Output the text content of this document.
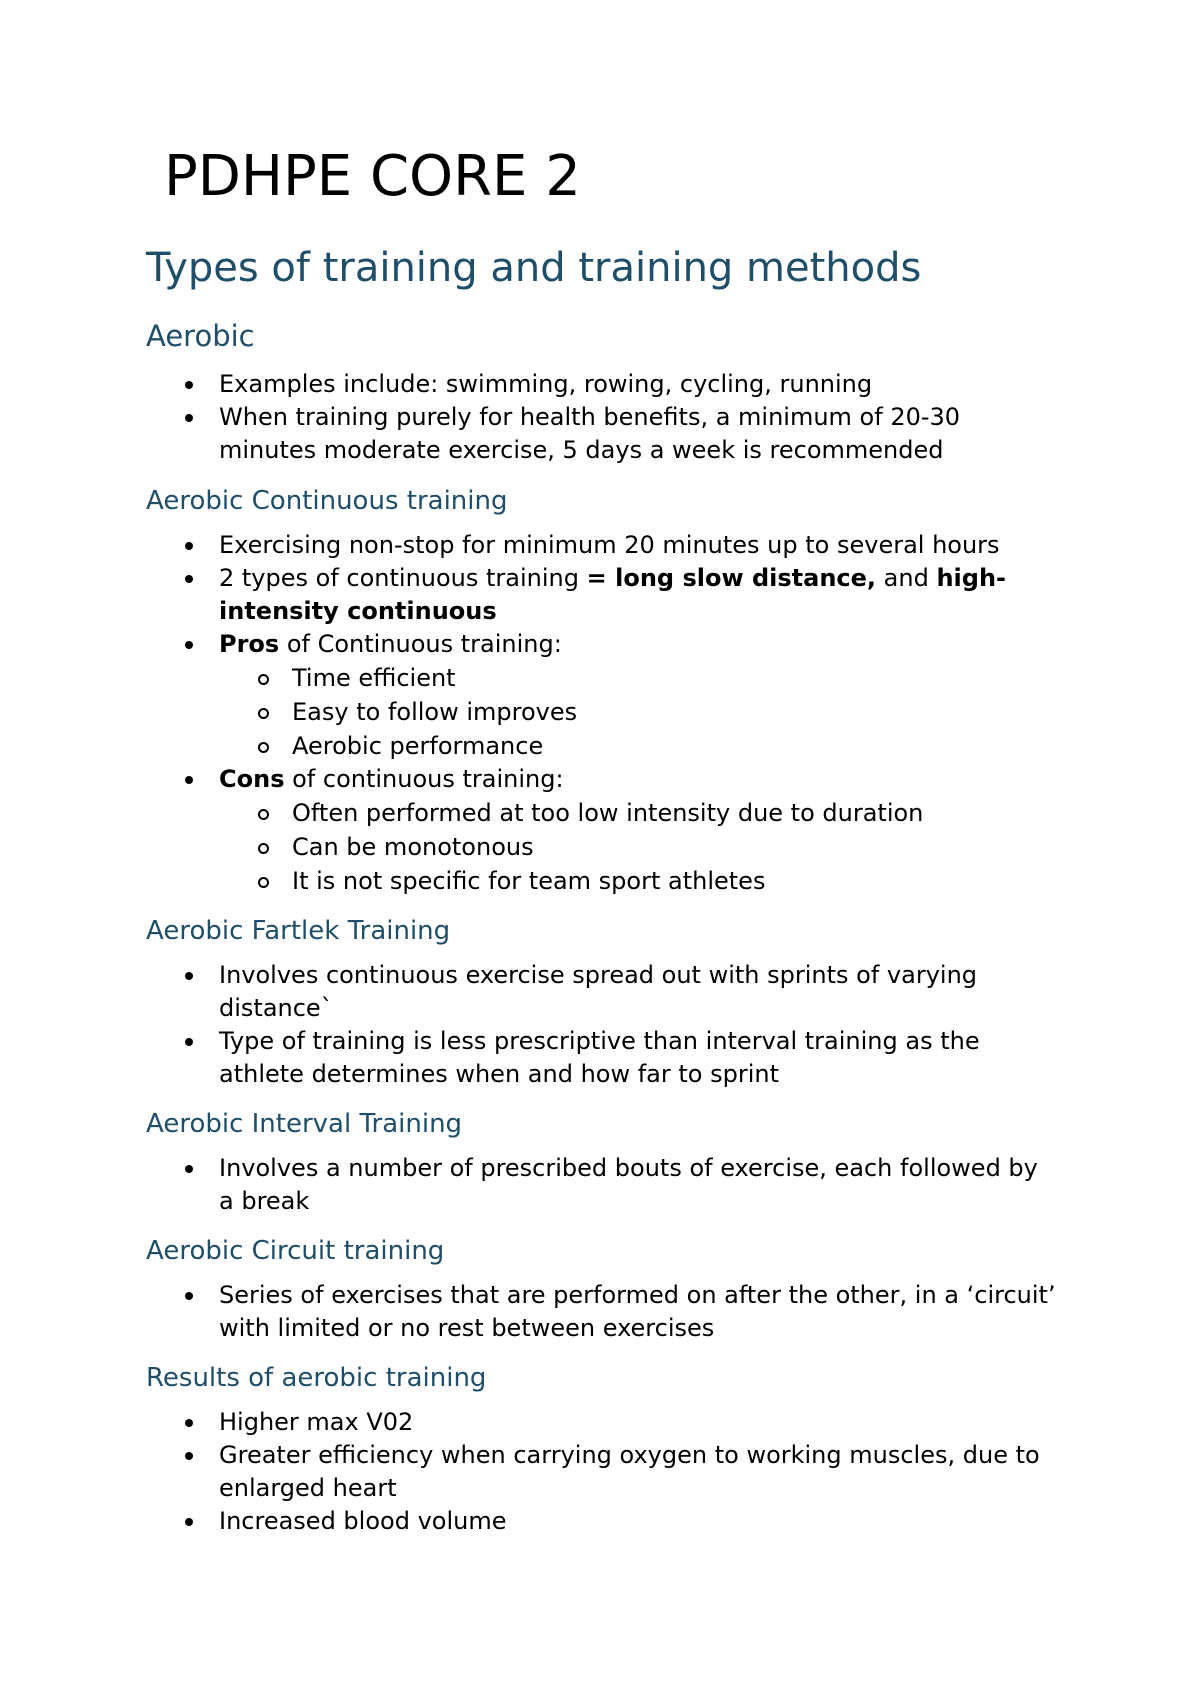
PDHPE CORE 2
Types of training and training methods
Aerobic
Examples include: swimming, rowing, cycling, running
When training purely for health benefits, a minimum of 20-30 minutes moderate exercise, 5 days a week is recommended
Aerobic Continuous training
Exercising non-stop for minimum 20 minutes up to several hours
2 types of continuous training = long slow distance, and high-intensity continuous
Pros of Continuous training:
Time efficient
Easy to follow improves
Aerobic performance
Cons of continuous training:
Often performed at too low intensity due to duration
Can be monotonous
It is not specific for team sport athletes
Aerobic Fartlek Training
Involves continuous exercise spread out with sprints of varying distance`
Type of training is less prescriptive than interval training as the athlete determines when and how far to sprint
Aerobic Interval Training
Involves a number of prescribed bouts of exercise, each followed by a break
Aerobic Circuit training
Series of exercises that are performed on after the other, in a ‘circuit’ with limited or no rest between exercises
Results of aerobic training
Higher max V02
Greater efficiency when carrying oxygen to working muscles, due to enlarged heart
Increased blood volume
